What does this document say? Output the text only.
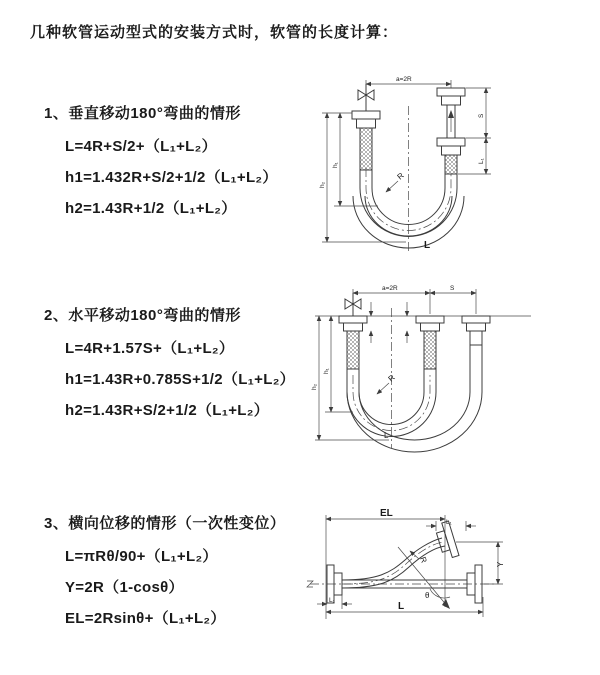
几种软管运动型式的安装方式时，软管的长度计算：
1、垂直移动180°弯曲的情形
L=4R+S/2+（L₁+L₂）
h1=1.432R+S/2+1/2（L₁+L₂）
h2=1.43R+1/2（L₁+L₂）
2、水平移动180°弯曲的情形
L=4R+1.57S+（L₁+L₂）
h1=1.43R+0.785S+1/2（L₁+L₂）
h2=1.43R+S/2+1/2（L₁+L₂）
3、横向位移的情形（一次性变位）
L=πRθ/90+（L₁+L₂）
Y=2R（1-cosθ）
EL=2Rsinθ+（L₁+L₂）
a=2R
S
L₁
h₁
h₂
R
L
a=2R	S
h₁
h₂
R
L
EL
L₁
Y
θ
R
L₁
L
